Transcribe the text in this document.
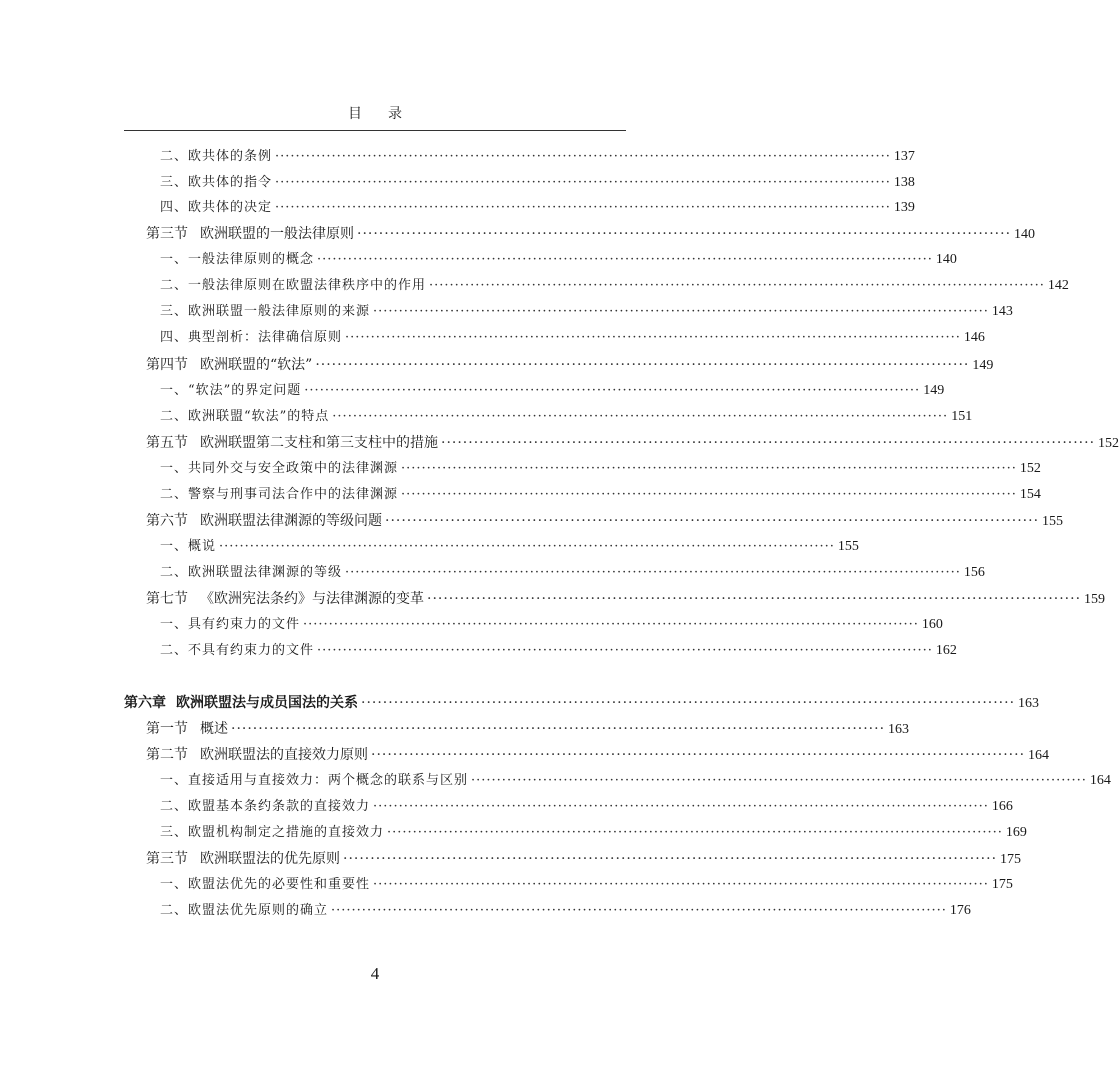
目录
二、欧共体的条例 ························································································································ 137
三、欧共体的指令 ························································································································ 138
四、欧共体的决定 ························································································································ 139
第三节 欧洲联盟的一般法律原则 ························································································································ 140
一、一般法律原则的概念 ························································································································ 140
二、一般法律原则在欧盟法律秩序中的作用 ························································································································ 142
三、欧洲联盟一般法律原则的来源 ························································································································ 143
四、典型剖析：法律确信原则 ························································································································ 146
第四节 欧洲联盟的“软法” ························································································································ 149
一、“软法”的界定问题 ························································································································ 149
二、欧洲联盟“软法”的特点 ························································································································ 151
第五节 欧洲联盟第二支柱和第三支柱中的措施 ························································································································ 152
一、共同外交与安全政策中的法律渊源 ························································································································ 152
二、警察与刑事司法合作中的法律渊源 ························································································································ 154
第六节 欧洲联盟法律渊源的等级问题 ························································································································ 155
一、概说 ························································································································ 155
二、欧洲联盟法律渊源的等级 ························································································································ 156
第七节 《欧洲宪法条约》与法律渊源的变革 ························································································································ 159
一、具有约束力的文件 ························································································································ 160
二、不具有约束力的文件 ························································································································ 162
第六章 欧洲联盟法与成员国法的关系 ························································································································ 163
第一节 概述 ························································································································ 163
第二节 欧洲联盟法的直接效力原则 ························································································································ 164
一、直接适用与直接效力：两个概念的联系与区别 ························································································································ 164
二、欧盟基本条约条款的直接效力 ························································································································ 166
三、欧盟机构制定之措施的直接效力 ························································································································ 169
第三节 欧洲联盟法的优先原则 ························································································································ 175
一、欧盟法优先的必要性和重要性 ························································································································ 175
二、欧盟法优先原则的确立 ························································································································ 176
4
